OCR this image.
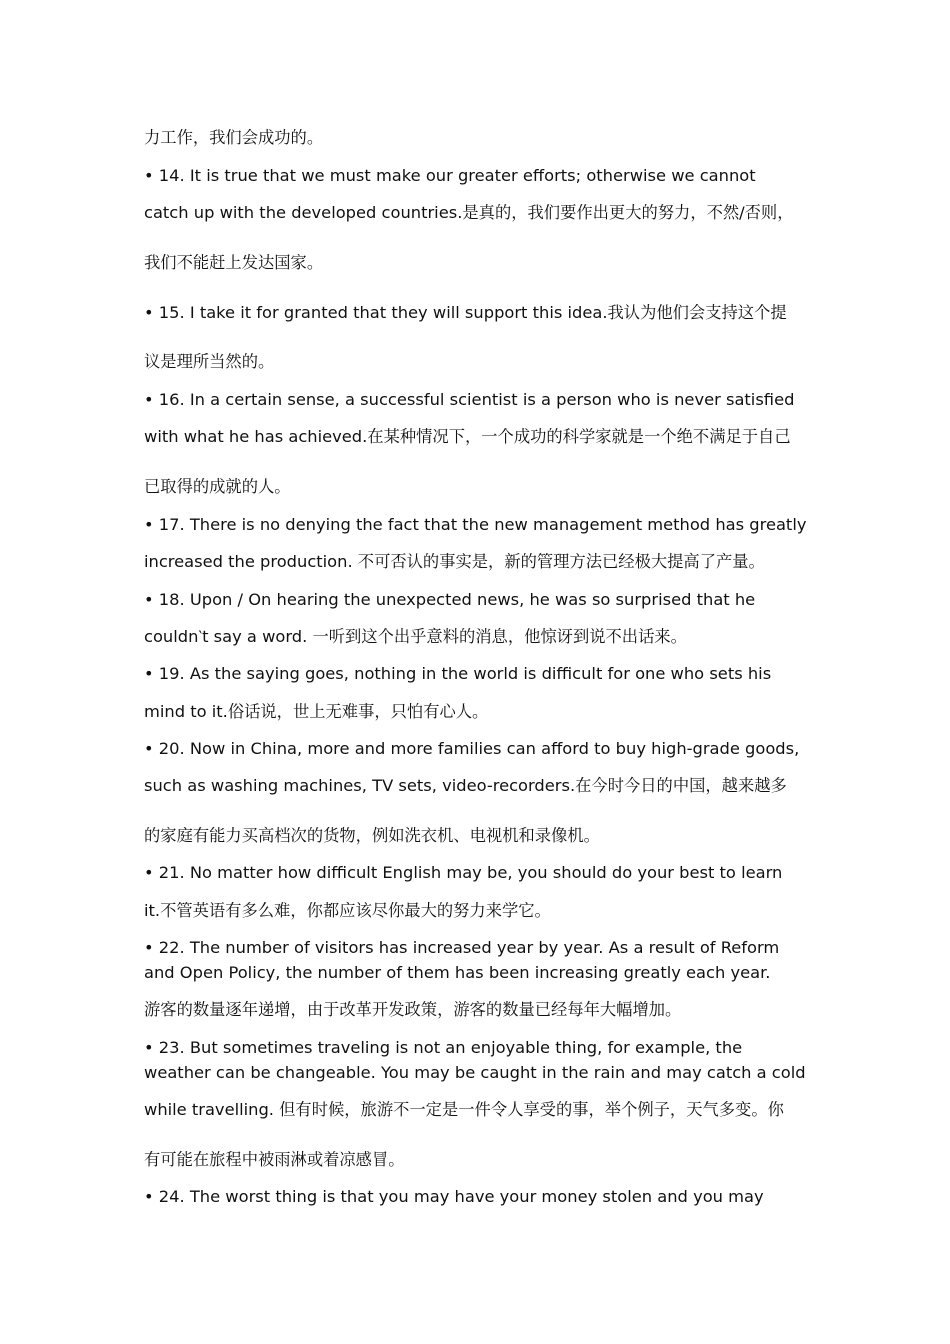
力工作，我们会成功的。
• 14. It is true that we must make our greater efforts; otherwise we cannot
catch up with the developed countries.是真的，我们要作出更大的努力，不然/否则，
我们不能赶上发达国家。
• 15. I take it for granted that they will support this idea.我认为他们会支持这个提
议是理所当然的。
• 16. In a certain sense, a successful scientist is a person who is never satisfied
with what he has achieved.在某种情况下，一个成功的科学家就是一个绝不满足于自己
已取得的成就的人。
• 17. There is no denying the fact that the new management method has greatly
increased the production. 不可否认的事实是，新的管理方法已经极大提高了产量。
• 18. Upon / On hearing the unexpected news, he was so surprised that he
couldn‵t say a word. 一听到这个出乎意料的消息，他惊讶到说不出话来。
• 19. As the saying goes, nothing in the world is difficult for one who sets his
mind to it.俗话说，世上无难事，只怕有心人。
• 20. Now in China, more and more families can afford to buy high-grade goods,
such as washing machines, TV sets, video-recorders.在今时今日的中国，越来越多
的家庭有能力买高档次的货物，例如洗衣机、电视机和录像机。
• 21. No matter how difficult English may be, you should do your best to learn
it.不管英语有多么难，你都应该尽你最大的努力来学它。
• 22. The number of visitors has increased year by year. As a result of Reform
and Open Policy, the number of them has been increasing greatly each year.
游客的数量逐年递增，由于改革开发政策，游客的数量已经每年大幅增加。
• 23. But sometimes traveling is not an enjoyable thing, for example, the
weather can be changeable. You may be caught in the rain and may catch a cold
while travelling. 但有时候，旅游不一定是一件令人享受的事，举个例子，天气多变。你
有可能在旅程中被雨淋或着凉感冒。
• 24. The worst thing is that you may have your money stolen and you may
